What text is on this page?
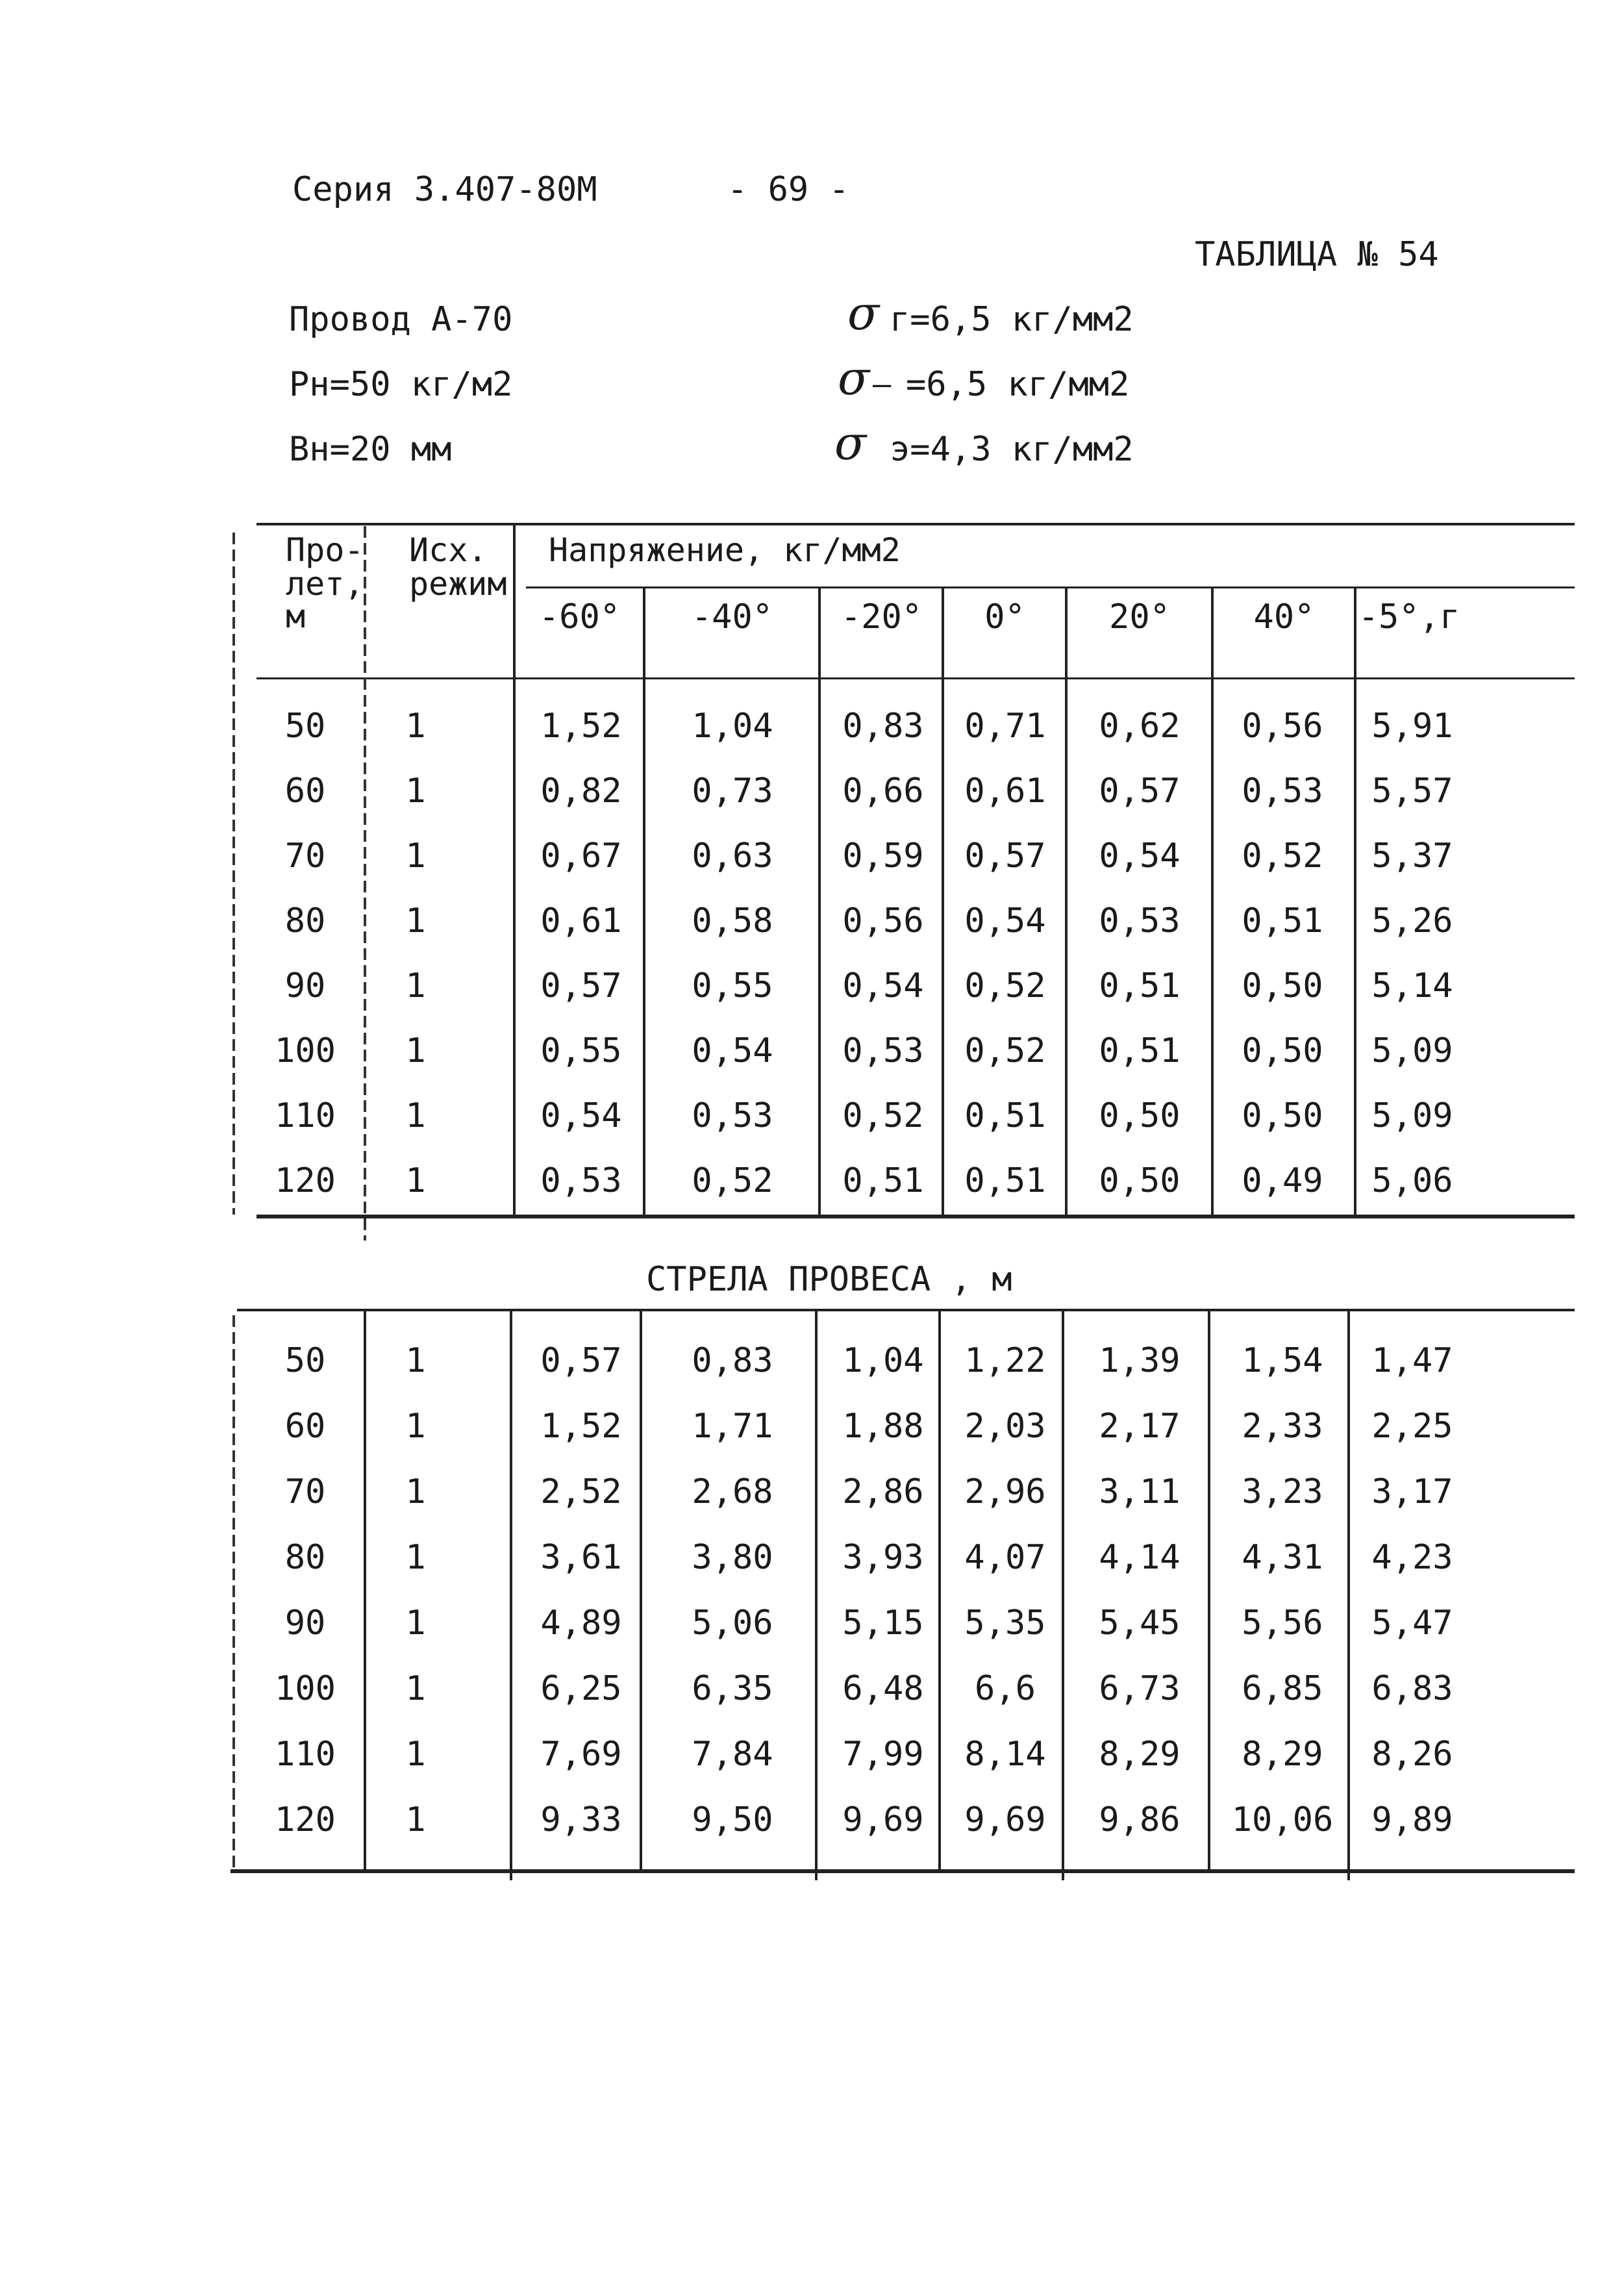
Серия 3.407-80М	- 69 -
ТАБЛИЦА № 54
Провод А-70
Рн=50 кг/м2
Вн=20 мм
σ г=6,5 кг/мм2
σ₋ =6,5 кг/мм2
σ э=4,3 кг/мм2
Про-
лет,
м
Исх.
режим
Напряжение, кг/мм2
-60°	-40°	-20°	0°	20°	40°	-5°,г
50	1	1,52	1,04	0,83	0,71	0,62	0,56	5,91
60	1	0,82	0,73	0,66	0,61	0,57	0,53	5,57
70	1	0,67	0,63	0,59	0,57	0,54	0,52	5,37
80	1	0,61	0,58	0,56	0,54	0,53	0,51	5,26
90	1	0,57	0,55	0,54	0,52	0,51	0,50	5,14
100	1	0,55	0,54	0,53	0,52	0,51	0,50	5,09
110	1	0,54	0,53	0,52	0,51	0,50	0,50	5,09
120	1	0,53	0,52	0,51	0,51	0,50	0,49	5,06
СТРЕЛА ПРОВЕСА , м
50	1	0,57	0,83	1,04	1,22	1,39	1,54	1,47
60	1	1,52	1,71	1,88	2,03	2,17	2,33	2,25
70	1	2,52	2,68	2,86	2,96	3,11	3,23	3,17
80	1	3,61	3,80	3,93	4,07	4,14	4,31	4,23
90	1	4,89	5,06	5,15	5,35	5,45	5,56	5,47
100	1	6,25	6,35	6,48	6,6	6,73	6,85	6,83
110	1	7,69	7,84	7,99	8,14	8,29	8,29	8,26
120	1	9,33	9,50	9,69	9,69	9,86	10,06	9,89
